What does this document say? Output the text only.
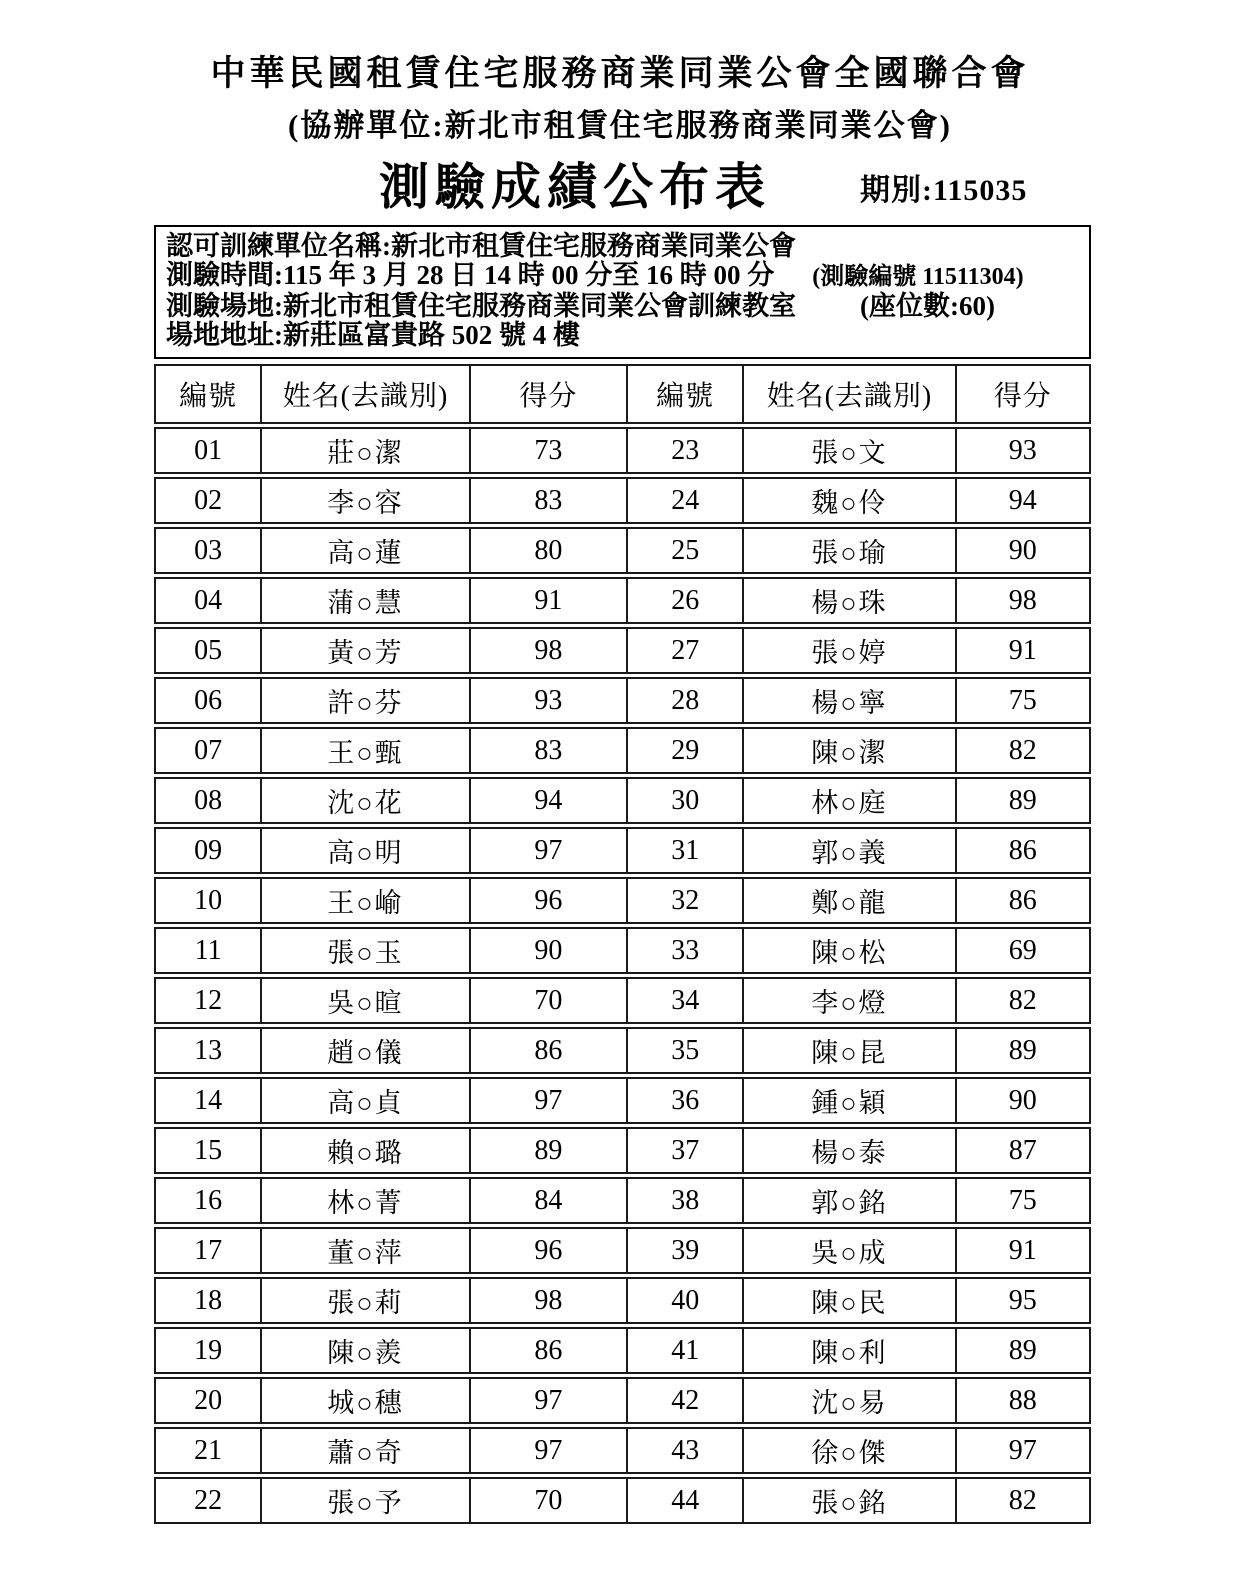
中華民國租賃住宅服務商業同業公會全國聯合會
(協辦單位:新北市租賃住宅服務商業同業公會)
測驗成績公布表	期別:115035
認可訓練單位名稱:新北市租賃住宅服務商業同業公會
測驗時間:115 年 3 月 28 日 14 時 00 分至 16 時 00 分 (測驗編號 11511304)
測驗場地:新北市租賃住宅服務商業同業公會訓練教室 (座位數:60)
場地地址:新莊區富貴路 502 號 4 樓
編號	姓名(去識別)	得分	編號	姓名(去識別)	得分
01	莊○潔	73	23	張○文	93
02	李○容	83	24	魏○伶	94
03	高○蓮	80	25	張○瑜	90
04	蒲○慧	91	26	楊○珠	98
05	黃○芳	98	27	張○婷	91
06	許○芬	93	28	楊○寧	75
07	王○甄	83	29	陳○潔	82
08	沈○花	94	30	林○庭	89
09	高○明	97	31	郭○義	86
10	王○崳	96	32	鄭○龍	86
11	張○玉	90	33	陳○松	69
12	吳○暄	70	34	李○燈	82
13	趙○儀	86	35	陳○昆	89
14	高○貞	97	36	鍾○穎	90
15	賴○璐	89	37	楊○泰	87
16	林○菁	84	38	郭○銘	75
17	董○萍	96	39	吳○成	91
18	張○莉	98	40	陳○民	95
19	陳○羨	86	41	陳○利	89
20	城○穗	97	42	沈○易	88
21	蕭○奇	97	43	徐○傑	97
22	張○予	70	44	張○銘	82
